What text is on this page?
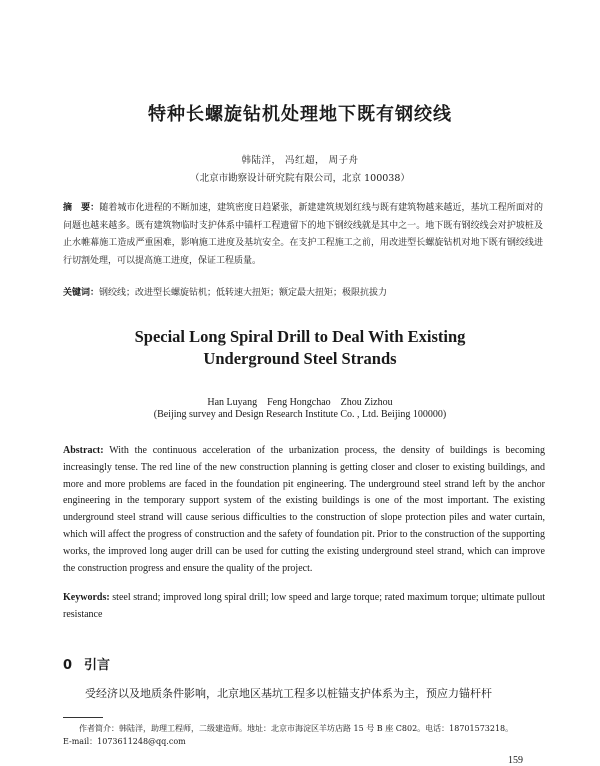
特种长螺旋钻机处理地下既有钢绞线
韩陆洋， 冯红超， 周子舟
（北京市勘察设计研究院有限公司，北京 100038）
摘　要：随着城市化进程的不断加速，建筑密度日趋紧张，新建建筑规划红线与既有建筑物越来越近，基坑工程所面对的问题也越来越多。既有建筑物临时支护体系中锚杆工程遗留下的地下钢绞线就是其中之一。地下既有钢绞线会对护坡桩及止水帷幕施工造成严重困难，影响施工进度及基坑安全。在支护工程施工之前，用改进型长螺旋钻机对地下既有钢绞线进行切割处理，可以提高施工进度，保证工程质量。
关键词：钢绞线；改进型长螺旋钻机；低转速大扭矩；额定最大扭矩；极限抗拔力
Special Long Spiral Drill to Deal With Existing
Underground Steel Strands
Han Luyang　Feng Hongchao　Zhou Zizhou
(Beijing survey and Design Research Institute Co. , Ltd. Beijing 100000)
Abstract: With the continuous acceleration of the urbanization process, the density of buildings is becoming increasingly tense. The red line of the new construction planning is getting closer and closer to existing buildings, and more and more problems are faced in the foundation pit engineering. The underground steel strand left by the anchor engineering in the temporary support system of the existing buildings is one of the most important. The existing underground steel strand will cause serious difficulties to the construction of slope protection piles and water curtain, which will affect the progress of construction and the safety of foundation pit. Prior to the construction of the supporting works, the improved long auger drill can be used for cutting the existing underground steel strand, which can improve the construction progress and ensure the quality of the project.
Keywords: steel strand; improved long spiral drill; low speed and large torque; rated maximum torque; ultimate pullout resistance
0 引言
受经济以及地质条件影响，北京地区基坑工程多以桩锚支护体系为主，预应力锚杆杆
作者简介：韩陆洋，助理工程师，二级建造师。地址：北京市海淀区羊坊店路 15 号 B 座 C802。电话：18701573218。
E-mail：1073611248@qq.com
159
